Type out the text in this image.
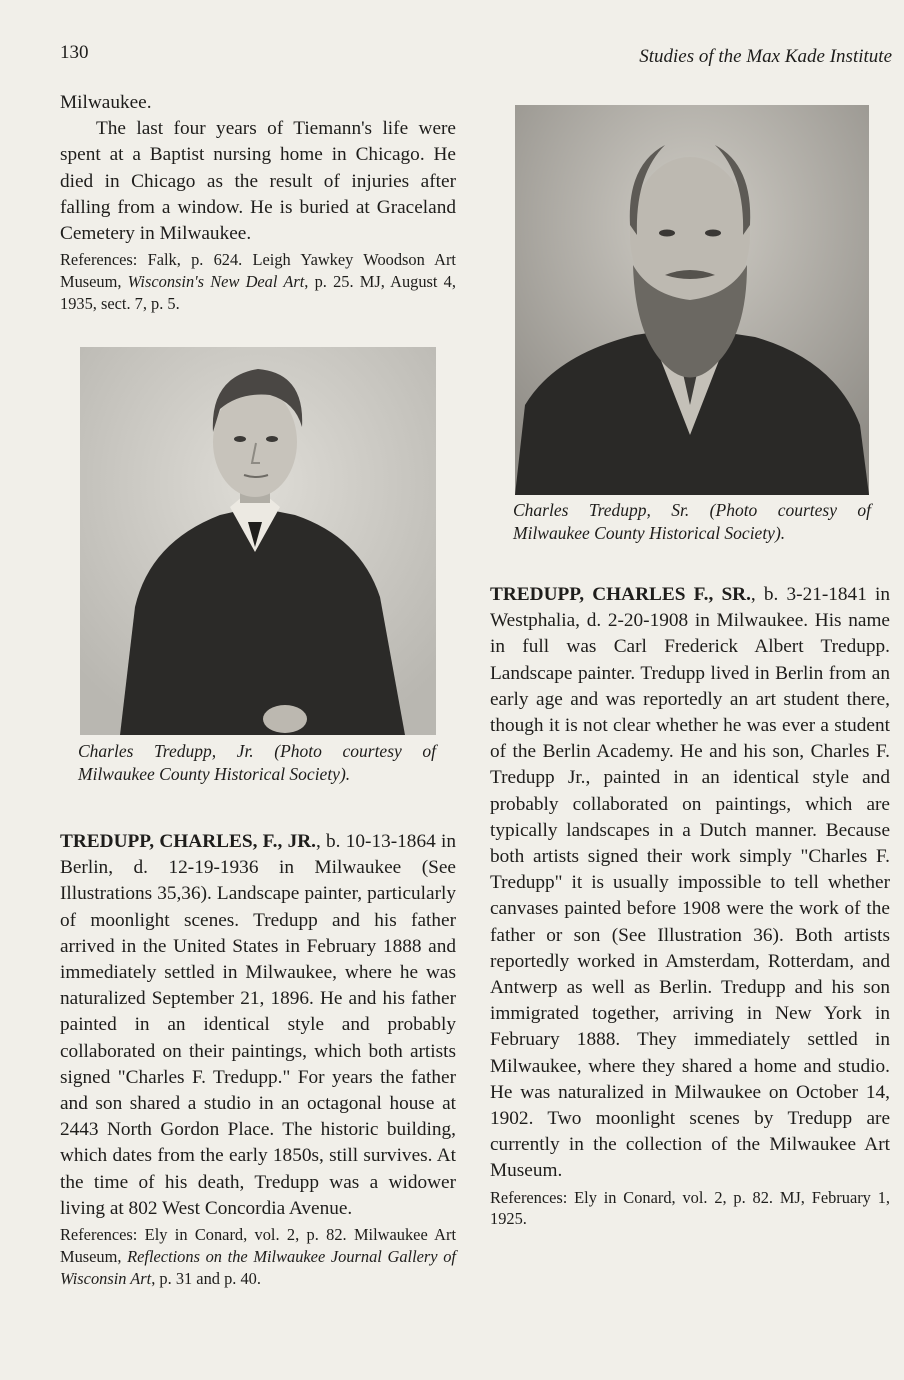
130	Studies of the Max Kade Institute

Milwaukee.

The last four years of Tiemann's life were spent at a Baptist nursing home in Chicago. He died in Chicago as the result of injuries after falling from a window. He is buried at Graceland Cemetery in Milwaukee.

References: Falk, p. 624. Leigh Yawkey Woodson Art Museum, Wisconsin's New Deal Art, p. 25. MJ, August 4, 1935, sect. 7, p. 5.

Charles Tredupp, Jr. (Photo courtesy of Milwaukee County Historical Society).

TREDUPP, CHARLES, F., JR., b. 10-13-1864 in Berlin, d. 12-19-1936 in Milwaukee (See Illustrations 35,36). Landscape painter, particularly of moonlight scenes. Tredupp and his father arrived in the United States in February 1888 and immediately settled in Milwaukee, where he was naturalized September 21, 1896. He and his father painted in an identical style and probably collaborated on their paintings, which both artists signed "Charles F. Tredupp." For years the father and son shared a studio in an octagonal house at 2443 North Gordon Place. The historic building, which dates from the early 1850s, still survives. At the time of his death, Tredupp was a widower living at 802 West Concordia Avenue.

References: Ely in Conard, vol. 2, p. 82. Milwaukee Art Museum, Reflections on the Milwaukee Journal Gallery of Wisconsin Art, p. 31 and p. 40.

Charles Tredupp, Sr. (Photo courtesy of Milwaukee County Historical Society).

TREDUPP, CHARLES F., SR., b. 3-21-1841 in Westphalia, d. 2-20-1908 in Milwaukee. His name in full was Carl Frederick Albert Tredupp. Landscape painter. Tredupp lived in Berlin from an early age and was reportedly an art student there, though it is not clear whether he was ever a student of the Berlin Academy. He and his son, Charles F. Tredupp Jr., painted in an identical style and probably collaborated on paintings, which are typically landscapes in a Dutch manner. Because both artists signed their work simply "Charles F. Tredupp" it is usually impossible to tell whether canvases painted before 1908 were the work of the father or son (See Illustration 36). Both artists reportedly worked in Amsterdam, Rotterdam, and Antwerp as well as Berlin. Tredupp and his son immigrated together, arriving in New York in February 1888. They immediately settled in Milwaukee, where they shared a home and studio. He was naturalized in Milwaukee on October 14, 1902. Two moonlight scenes by Tredupp are currently in the collection of the Milwaukee Art Museum.

References: Ely in Conard, vol. 2, p. 82. MJ, February 1, 1925.
